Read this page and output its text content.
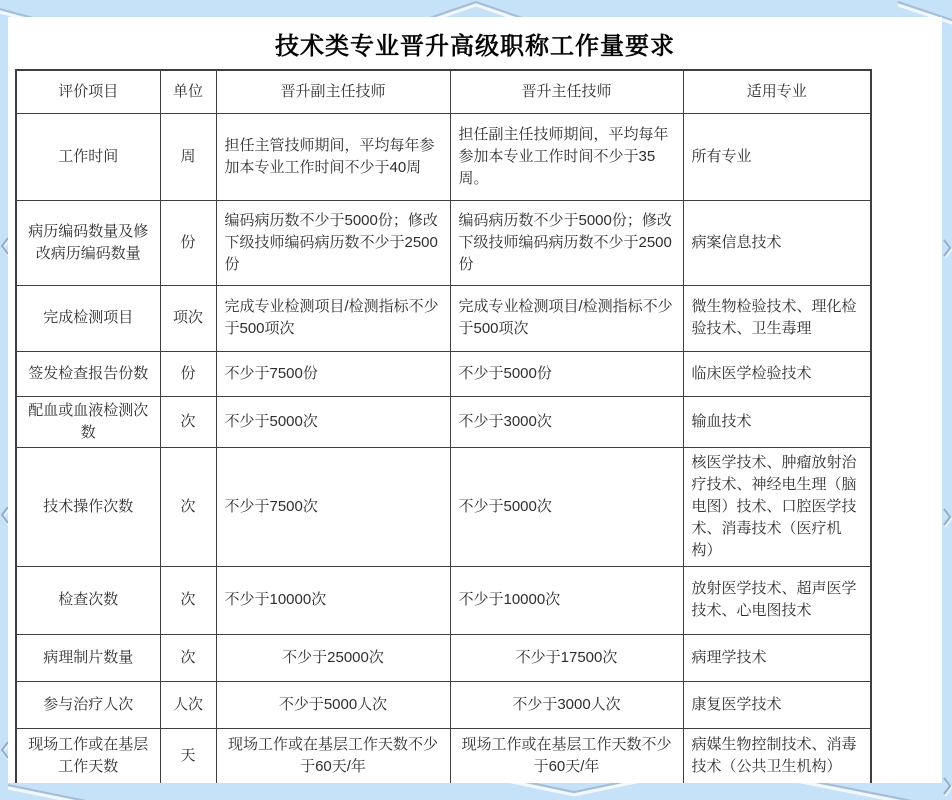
技术类专业晋升高级职称工作量要求
评价项目	单位	晋升副主任技师	晋升主任技师	适用专业
工作时间	周	担任主管技师期间，平均每年参加本专业工作时间不少于40周	担任副主任技师期间，平均每年参加本专业工作时间不少于35周。	所有专业
病历编码数量及修改病历编码数量	份	编码病历数不少于5000份；修改下级技师编码病历数不少于2500份	编码病历数不少于5000份；修改下级技师编码病历数不少于2500份	病案信息技术
完成检测项目	项次	完成专业检测项目/检测指标不少于500项次	完成专业检测项目/检测指标不少于500项次	微生物检验技术、理化检验技术、卫生毒理
签发检查报告份数	份	不少于7500份	不少于5000份	临床医学检验技术
配血或血液检测次数	次	不少于5000次	不少于3000次	输血技术
技术操作次数	次	不少于7500次	不少于5000次	核医学技术、肿瘤放射治疗技术、神经电生理（脑电图）技术、口腔医学技术、消毒技术（医疗机构）
检查次数	次	不少于10000次	不少于10000次	放射医学技术、超声医学技术、心电图技术
病理制片数量	次	不少于25000次	不少于17500次	病理学技术
参与治疗人次	人次	不少于5000人次	不少于3000人次	康复医学技术
现场工作或在基层工作天数	天	现场工作或在基层工作天数不少于60天/年	现场工作或在基层工作天数不少于60天/年	病媒生物控制技术、消毒技术（公共卫生机构）
